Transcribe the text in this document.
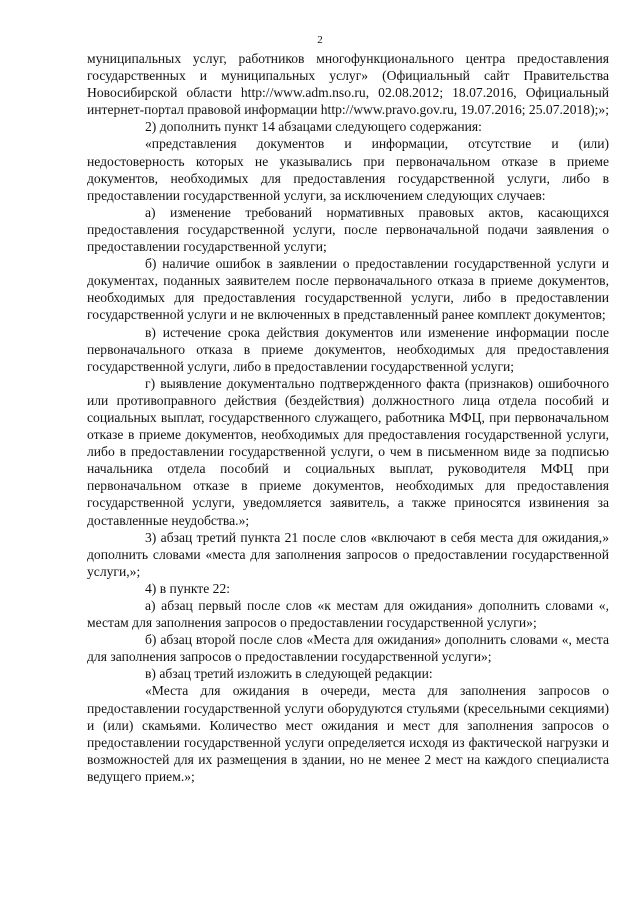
2

муниципальных услуг, работников многофункционального центра предоставления государственных и муниципальных услуг» (Официальный сайт Правительства Новосибирской области http://www.adm.nso.ru, 02.08.2012; 18.07.2016, Официальный интернет-портал правовой информации http://www.pravo.gov.ru, 19.07.2016; 25.07.2018);»;

2) дополнить пункт 14 абзацами следующего содержания:

«представления документов и информации, отсутствие и (или) недостоверность которых не указывались при первоначальном отказе в приеме документов, необходимых для предоставления государственной услуги, либо в предоставлении государственной услуги, за исключением следующих случаев:

а) изменение требований нормативных правовых актов, касающихся предоставления государственной услуги, после первоначальной подачи заявления о предоставлении государственной услуги;

б) наличие ошибок в заявлении о предоставлении государственной услуги и документах, поданных заявителем после первоначального отказа в приеме документов, необходимых для предоставления государственной услуги, либо в предоставлении государственной услуги и не включенных в представленный ранее комплект документов;

в) истечение срока действия документов или изменение информации после первоначального отказа в приеме документов, необходимых для предоставления государственной услуги, либо в предоставлении государственной услуги;

г) выявление документально подтвержденного факта (признаков) ошибочного или противоправного действия (бездействия) должностного лица отдела пособий и социальных выплат, государственного служащего, работника МФЦ, при первоначальном отказе в приеме документов, необходимых для предоставления государственной услуги, либо в предоставлении государственной услуги, о чем в письменном виде за подписью начальника отдела пособий и социальных выплат, руководителя МФЦ при первоначальном отказе в приеме документов, необходимых для предоставления государственной услуги, уведомляется заявитель, а также приносятся извинения за доставленные неудобства.»;

3) абзац третий пункта 21 после слов «включают в себя места для ожидания,» дополнить словами «места для заполнения запросов о предоставлении государственной услуги,»;

4) в пункте 22:

а) абзац первый после слов «к местам для ожидания» дополнить словами «, местам для заполнения запросов о предоставлении государственной услуги»;

б) абзац второй после слов «Места для ожидания» дополнить словами «, места для заполнения запросов о предоставлении государственной услуги»;

в) абзац третий изложить в следующей редакции:

«Места для ожидания в очереди, места для заполнения запросов о предоставлении государственной услуги оборудуются стульями (кресельными секциями) и (или) скамьями. Количество мест ожидания и мест для заполнения запросов о предоставлении государственной услуги определяется исходя из фактической нагрузки и возможностей для их размещения в здании, но не менее 2 мест на каждого специалиста ведущего прием.»;
